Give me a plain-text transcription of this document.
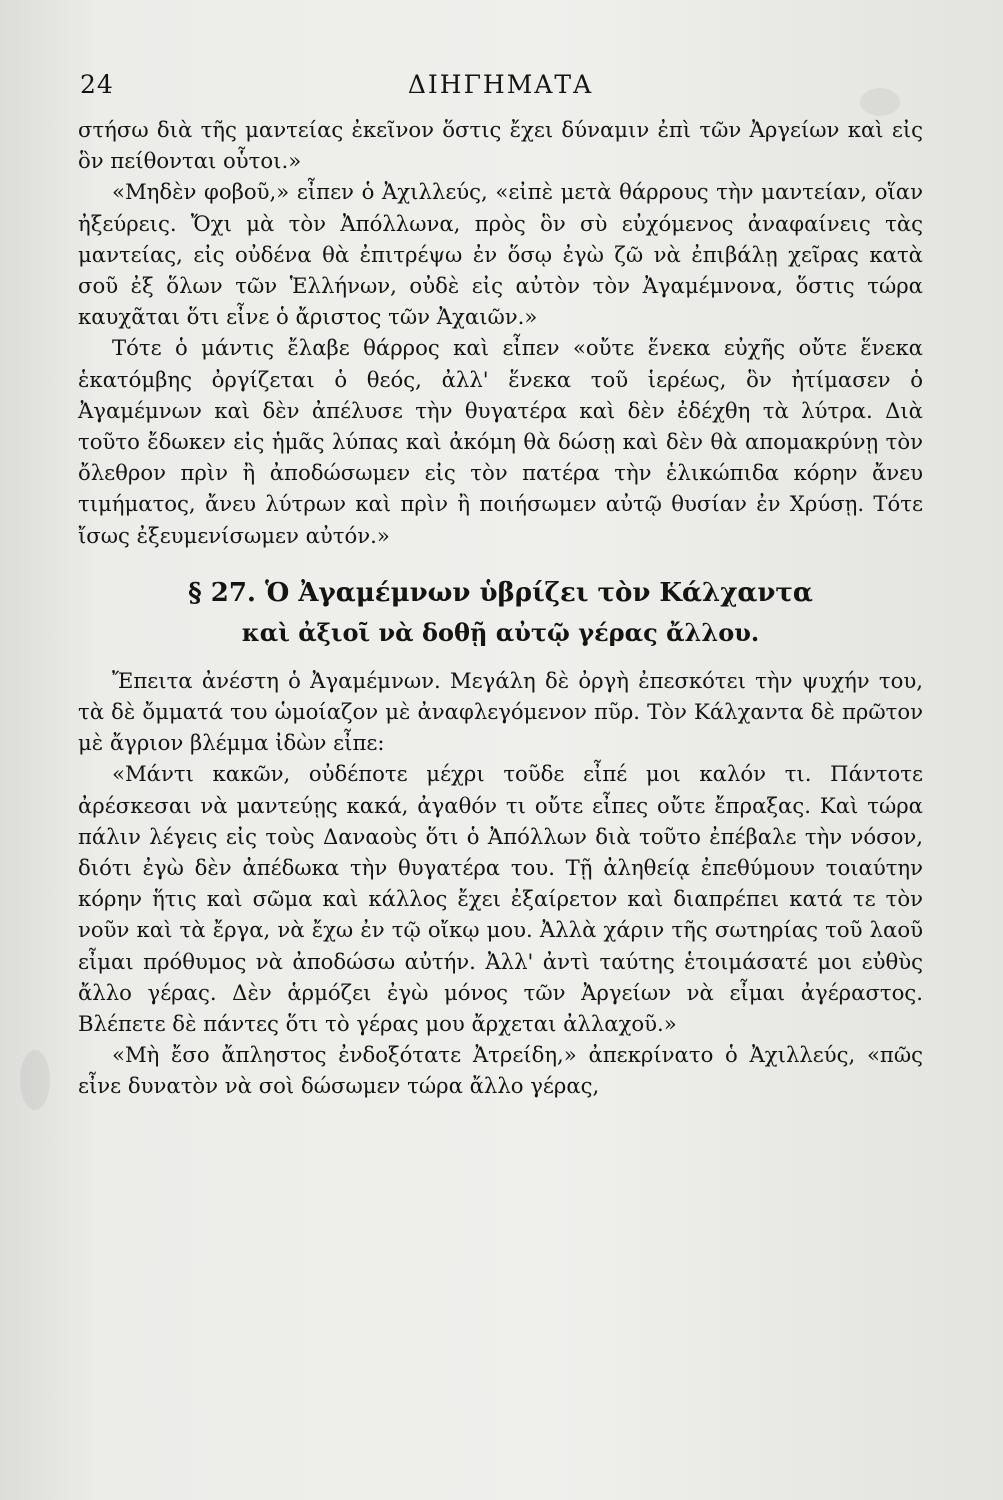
24	ΔΙΗΓΗΜΑΤΑ

στήσω διὰ τῆς μαντείας ἐκεῖνον ὅστις ἔχει δύναμιν ἐπὶ τῶν Ἀργείων καὶ εἰς ὃν πείθονται οὗτοι.»

«Μηδὲν φοβοῦ,» εἶπεν ὁ Ἀχιλλεύς, «εἰπὲ μετὰ θάρρους τὴν μαντείαν, οἵαν ἠξεύρεις. Ὄχι μὰ τὸν Ἀπόλλωνα, πρὸς ὃν σὺ εὐχόμενος ἀναφαίνεις τὰς μαντείας, εἰς οὐδένα θὰ ἐπιτρέψω ἐν ὅσῳ ἐγὼ ζῶ νὰ ἐπιβάλῃ χεῖρας κατὰ σοῦ ἐξ ὅλων τῶν Ἑλλήνων, οὐδὲ εἰς αὐτὸν τὸν Ἀγαμέμνονα, ὅστις τώρα καυχᾶται ὅτι εἶνε ὁ ἄριστος τῶν Ἀχαιῶν.»

Τότε ὁ μάντις ἔλαβε θάρρος καὶ εἶπεν «οὔτε ἕνεκα εὐχῆς οὔτε ἕνεκα ἑκατόμβης ὀργίζεται ὁ θεός, ἀλλ' ἕνεκα τοῦ ἱερέως, ὃν ἠτίμασεν ὁ Ἀγαμέμνων καὶ δὲν ἀπέλυσε τὴν θυγατέρα καὶ δὲν ἐδέχθη τὰ λύτρα. Διὰ τοῦτο ἔδωκεν εἰς ἡμᾶς λύπας καὶ ἀκόμη θὰ δώσῃ καὶ δὲν θὰ απομακρύνῃ τὸν ὄλεθρον πρὶν ἢ ἀποδώσωμεν εἰς τὸν πατέρα τὴν ἑλικώπιδα κόρην ἄνευ τιμήματος, ἄνευ λύτρων καὶ πρὶν ἢ ποιήσωμεν αὐτῷ θυσίαν ἐν Χρύσῃ. Τότε ἴσως ἐξευμενίσωμεν αὐτόν.»

§ 27. Ὁ Ἀγαμέμνων ὑβρίζει τὸν Κάλχαντα
καὶ ἀξιοῖ νὰ δοθῇ αὐτῷ γέρας ἄλλου.

Ἔπειτα ἀνέστη ὁ Ἀγαμέμνων. Μεγάλη δὲ ὀργὴ ἐπεσκότει τὴν ψυχήν του, τὰ δὲ ὄμματά του ὡμοίαζον μὲ ἀναφλεγόμενον πῦρ. Τὸν Κάλχαντα δὲ πρῶτον μὲ ἄγριον βλέμμα ἰδὼν εἶπε:

«Μάντι κακῶν, οὐδέποτε μέχρι τοῦδε εἶπέ μοι καλόν τι. Πάντοτε ἀρέσκεσαι νὰ μαντεύῃς κακά, ἀγαθόν τι οὔτε εἶπες οὔτε ἔπραξας. Καὶ τώρα πάλιν λέγεις εἰς τοὺς Δαναοὺς ὅτι ὁ Ἀπόλλων διὰ τοῦτο ἐπέβαλε τὴν νόσον, διότι ἐγὼ δὲν ἀπέδωκα τὴν θυγατέρα του. Τῇ ἀληθείᾳ ἐπεθύμουν τοιαύτην κόρην ἥτις καὶ σῶμα καὶ κάλλος ἔχει ἐξαίρετον καὶ διαπρέπει κατά τε τὸν νοῦν καὶ τὰ ἔργα, νὰ ἔχω ἐν τῷ οἴκῳ μου. Ἀλλὰ χάριν τῆς σωτηρίας τοῦ λαοῦ εἶμαι πρόθυμος νὰ ἀποδώσω αὐτήν. Ἀλλ' ἀντὶ ταύτης ἑτοιμάσατέ μοι εὐθὺς ἄλλο γέρας. Δὲν ἁρμόζει ἐγὼ μόνος τῶν Ἀργείων νὰ εἶμαι ἀγέραστος. Βλέπετε δὲ πάντες ὅτι τὸ γέρας μου ἄρχεται ἀλλαχοῦ.»

«Μὴ ἔσο ἄπληστος ἐνδοξότατε Ἀτρείδη,» ἀπεκρίνατο ὁ Ἀχιλλεύς, «πῶς εἶνε δυνατὸν νὰ σοὶ δώσωμεν τώρα ἄλλο γέρας,
